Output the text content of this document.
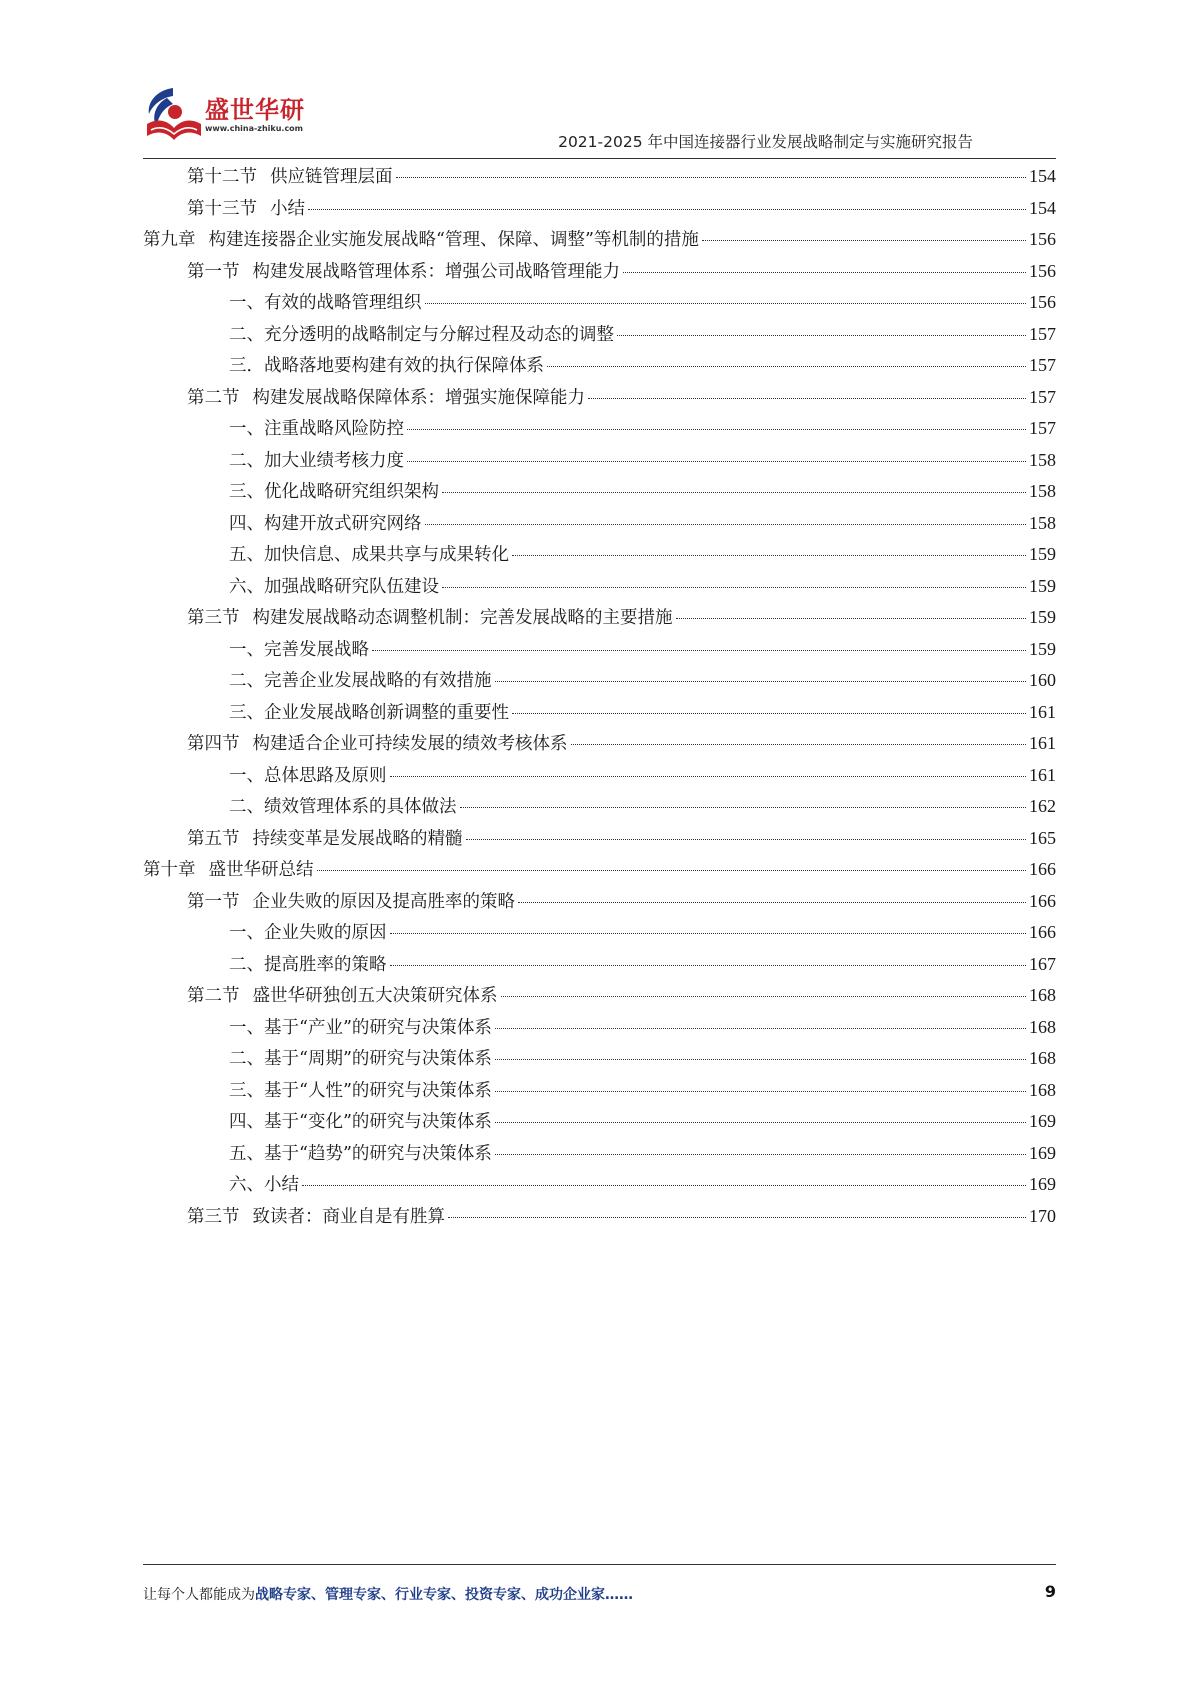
盛世华研
www.china-zhiku.com
2021-2025 年中国连接器行业发展战略制定与实施研究报告
第十二节 供应链管理层面	154
第十三节 小结	154
第九章 构建连接器企业实施发展战略“管理、保障、调整”等机制的措施	156
第一节 构建发展战略管理体系：增强公司战略管理能力	156
一、有效的战略管理组织	156
二、充分透明的战略制定与分解过程及动态的调整	157
三．战略落地要构建有效的执行保障体系	157
第二节 构建发展战略保障体系：增强实施保障能力	157
一、注重战略风险防控	157
二、加大业绩考核力度	158
三、优化战略研究组织架构	158
四、构建开放式研究网络	158
五、加快信息、成果共享与成果转化	159
六、加强战略研究队伍建设	159
第三节 构建发展战略动态调整机制：完善发展战略的主要措施	159
一、完善发展战略	159
二、完善企业发展战略的有效措施	160
三、企业发展战略创新调整的重要性	161
第四节 构建适合企业可持续发展的绩效考核体系	161
一、总体思路及原则	161
二、绩效管理体系的具体做法	162
第五节 持续变革是发展战略的精髓	165
第十章 盛世华研总结	166
第一节 企业失败的原因及提高胜率的策略	166
一、企业失败的原因	166
二、提高胜率的策略	167
第二节 盛世华研独创五大决策研究体系	168
一、基于“产业”的研究与决策体系	168
二、基于“周期”的研究与决策体系	168
三、基于“人性”的研究与决策体系	168
四、基于“变化”的研究与决策体系	169
五、基于“趋势”的研究与决策体系	169
六、小结	169
第三节 致读者：商业自是有胜算	170
让每个人都能成为战略专家、管理专家、行业专家、投资专家、成功企业家……	9
